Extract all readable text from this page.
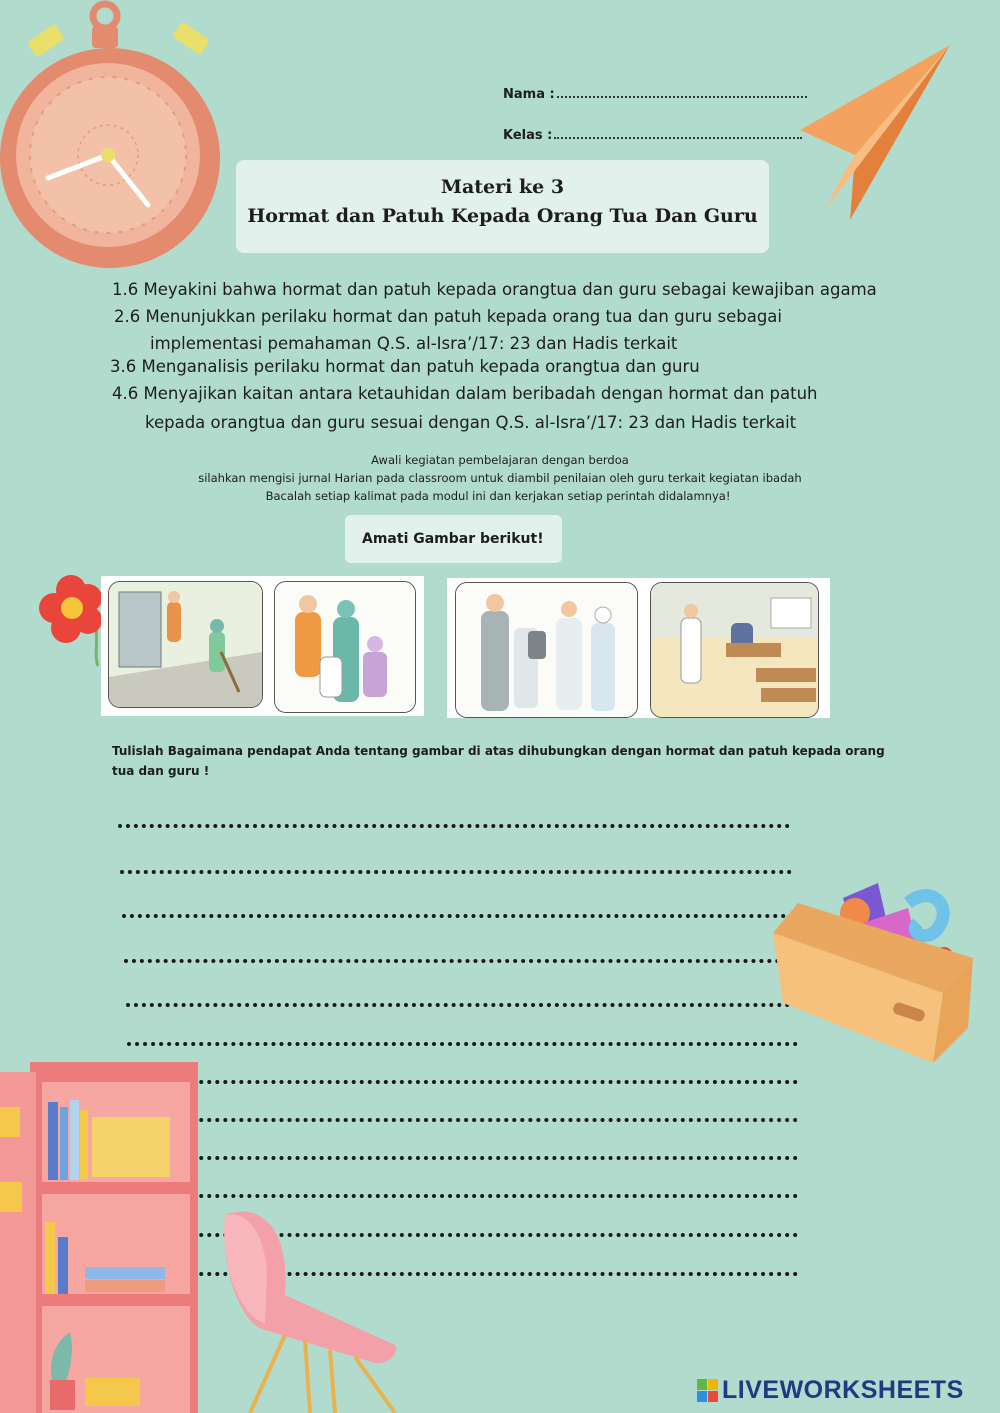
Nama :
Kelas :
Materi ke 3
Hormat dan Patuh Kepada Orang Tua Dan Guru
1.6 Meyakini bahwa hormat dan patuh kepada orangtua dan guru sebagai kewajiban agama
2.6 Menunjukkan perilaku hormat dan patuh kepada orang tua dan guru sebagai
implementasi pemahaman Q.S. al-Isra’/17: 23 dan Hadis terkait
3.6 Menganalisis perilaku hormat dan patuh kepada orangtua dan guru
4.6 Menyajikan kaitan antara ketauhidan dalam beribadah dengan hormat dan patuh
kepada orangtua dan guru sesuai dengan Q.S. al-Isra’/17: 23 dan Hadis terkait
Awali kegiatan pembelajaran dengan berdoa
silahkan mengisi jurnal Harian pada classroom untuk diambil penilaian oleh guru terkait kegiatan ibadah
Bacalah setiap kalimat pada modul ini dan kerjakan setiap perintah didalamnya!
Amati Gambar berikut!
Tulislah Bagaimana pendapat Anda tentang gambar di atas dihubungkan dengan hormat dan patuh kepada orang tua dan guru !
LIVEWORKSHEETS
